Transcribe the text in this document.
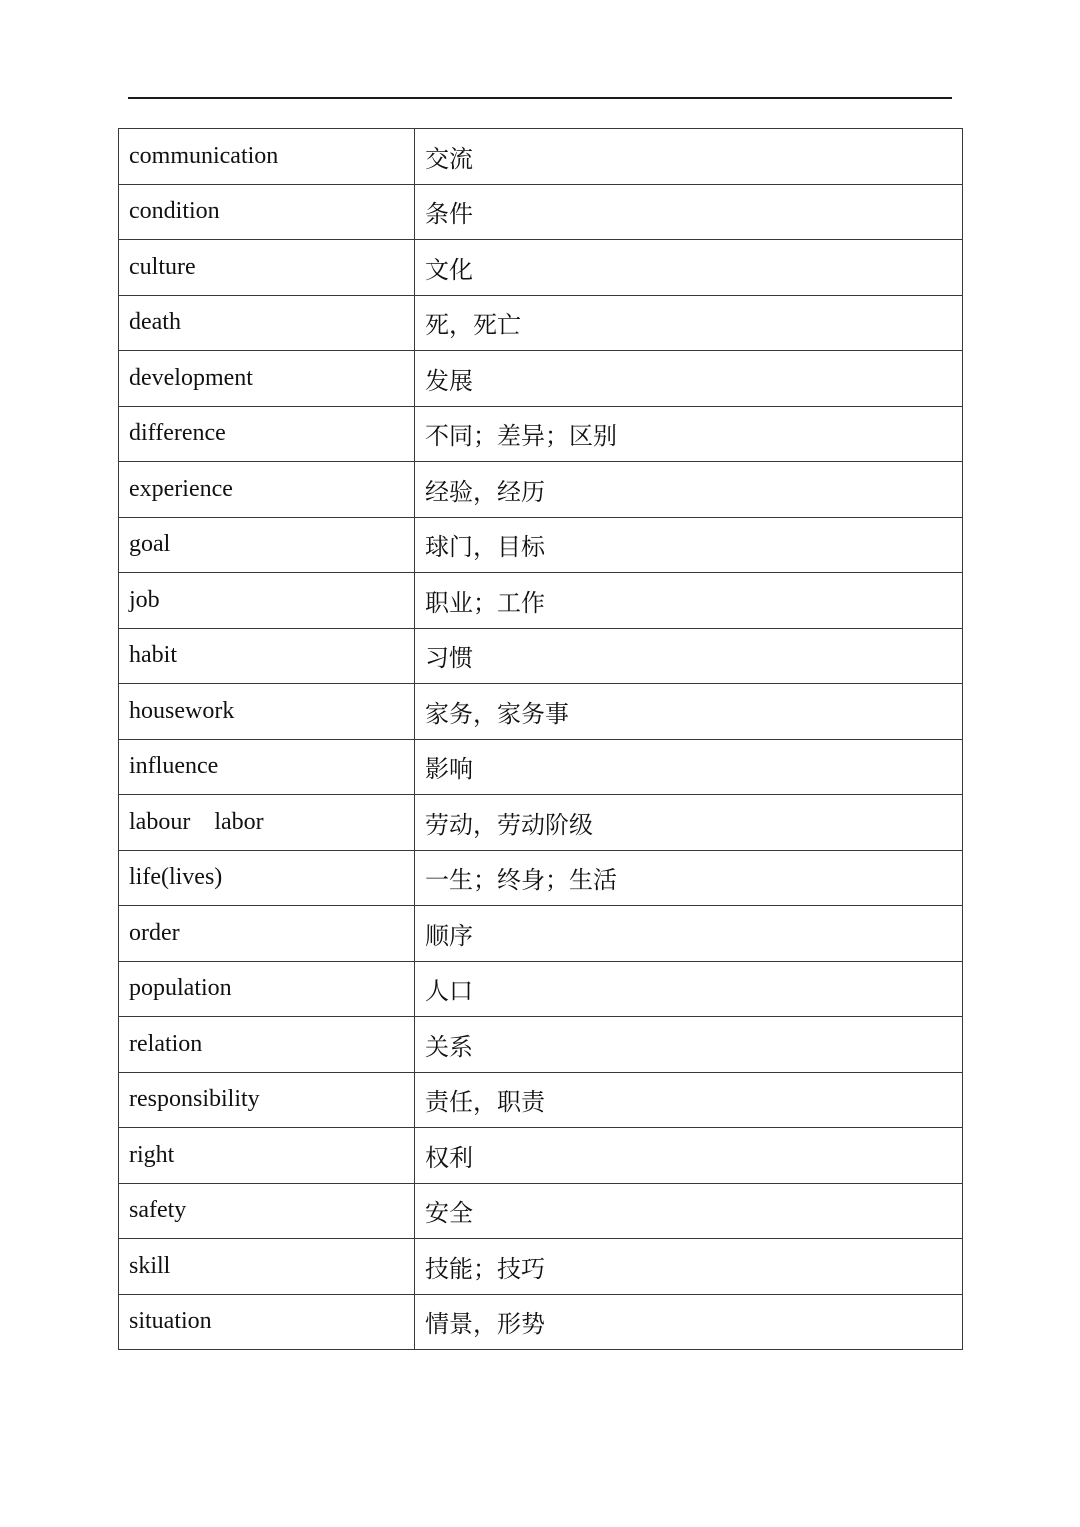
communication	交流
condition	条件
culture	文化
death	死，死亡
development	发展
difference	不同；差异；区别
experience	经验，经历
goal	球门，目标
job	职业；工作
habit	习惯
housework	家务，家务事
influence	影响
labour    labor	劳动，劳动阶级
life(lives)	一生；终身；生活
order	顺序
population	人口
relation	关系
responsibility	责任，职责
right	权利
safety	安全
skill	技能；技巧
situation	情景，形势
